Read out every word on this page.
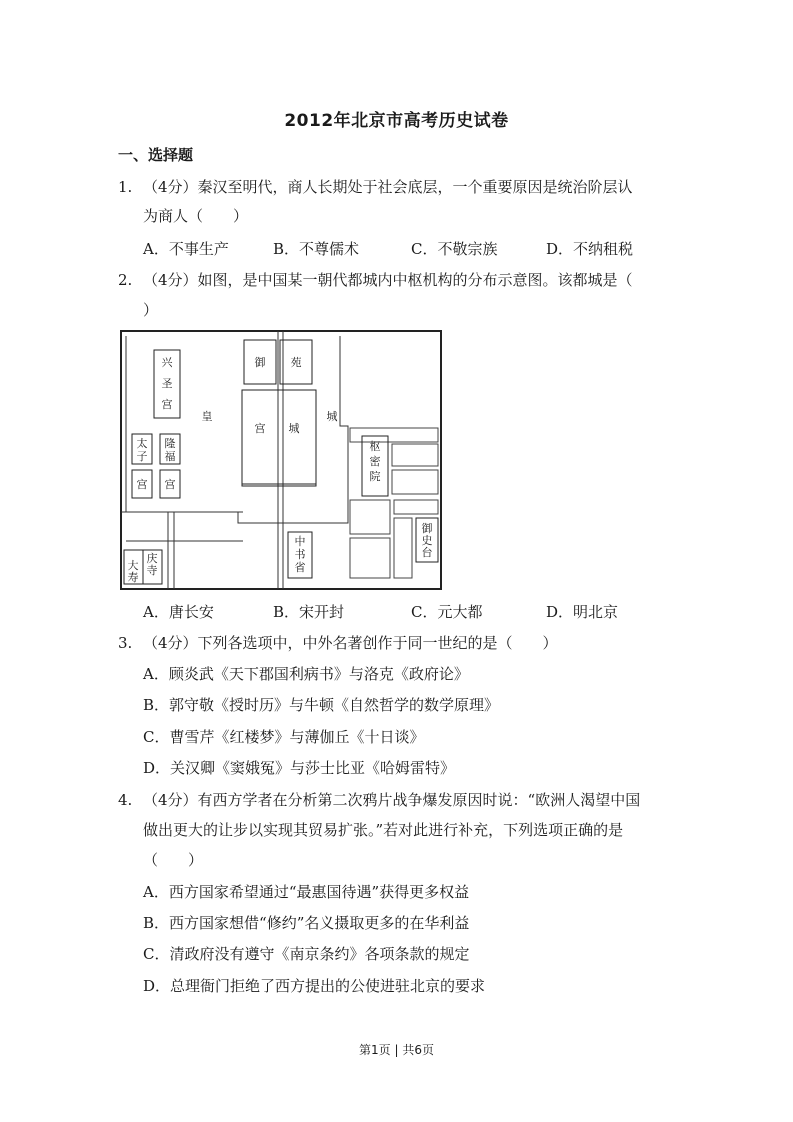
2012年北京市高考历史试卷
一、选择题
1. （4分）秦汉至明代，商人长期处于社会底层，一个重要原因是统治阶层认
为商人（　　）
A．不事生产	B．不尊儒术	C．不敬宗族	D．不纳租税
2. （4分）如图，是中国某一朝代都城内中枢机构的分布示意图。该都城是（
）
兴
圣
宫
太
子
宫
隆
福
宫
御 苑
皇
宫 城
城
枢
密
院
御
史
台
中
书
省
大
寿
庆
寺
A．唐长安	B．宋开封	C．元大都	D．明北京
3. （4分）下列各选项中，中外名著创作于同一世纪的是（　　）
A．顾炎武《天下郡国利病书》与洛克《政府论》
B．郭守敬《授时历》与牛顿《自然哲学的数学原理》
C．曹雪芹《红楼梦》与薄伽丘《十日谈》
D．关汉卿《窦娥冤》与莎士比亚《哈姆雷特》
4. （4分）有西方学者在分析第二次鸦片战争爆发原因时说：“欧洲人渴望中国
做出更大的让步以实现其贸易扩张。”若对此进行补充，下列选项正确的是
（　　）
A．西方国家希望通过“最惠国待遇”获得更多权益
B．西方国家想借“修约”名义摄取更多的在华利益
C．清政府没有遵守《南京条约》各项条款的规定
D．总理衙门拒绝了西方提出的公使进驻北京的要求
第1页 | 共6页
